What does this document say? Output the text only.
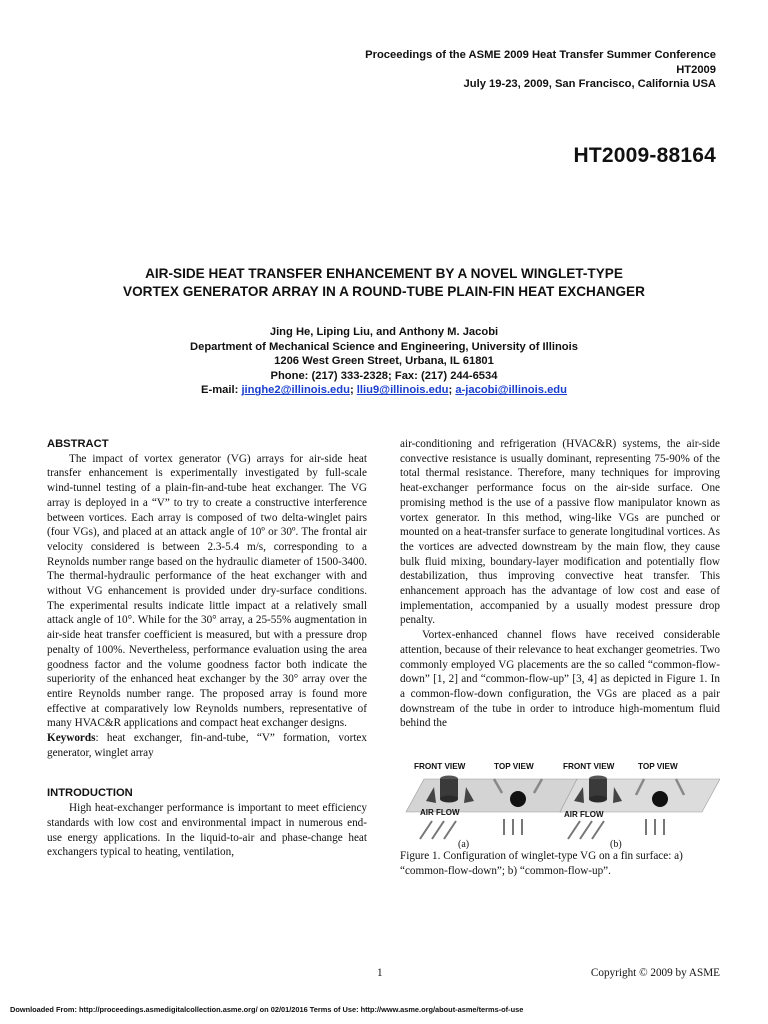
Proceedings of the ASME 2009 Heat Transfer Summer Conference
HT2009
July 19-23, 2009, San Francisco, California USA
HT2009-88164
AIR-SIDE HEAT TRANSFER ENHANCEMENT BY A NOVEL WINGLET-TYPE
VORTEX GENERATOR ARRAY IN A ROUND-TUBE PLAIN-FIN HEAT EXCHANGER
Jing He, Liping Liu, and Anthony M. Jacobi
Department of Mechanical Science and Engineering, University of Illinois
1206 West Green Street, Urbana, IL 61801
Phone: (217) 333-2328; Fax: (217) 244-6534
E-mail: jinghe2@illinois.edu; lliu9@illinois.edu; a-jacobi@illinois.edu
ABSTRACT

The impact of vortex generator (VG) arrays for air-side heat transfer enhancement is experimentally investigated by full-scale wind-tunnel testing of a plain-fin-and-tube heat exchanger. The VG array is deployed in a “V” to try to create a constructive interference between vortices. Each array is composed of two delta-winglet pairs (four VGs), and placed at an attack angle of 10º or 30º. The frontal air velocity considered is between 2.3-5.4 m/s, corresponding to a Reynolds number range based on the hydraulic diameter of 1500-3400. The thermal-hydraulic performance of the heat exchanger with and without VG enhancement is provided under dry-surface conditions. The experimental results indicate little impact at a relatively small attack angle of 10°. While for the 30° array, a 25-55% augmentation in air-side heat transfer coefficient is measured, but with a pressure drop penalty of 100%. Nevertheless, performance evaluation using the area goodness factor and the volume goodness factor both indicate the superiority of the enhanced heat exchanger by the 30° array over the entire Reynolds number range. The proposed array is found more effective at comparatively low Reynolds numbers, representative of many HVAC&R applications and compact heat exchanger designs.

Keywords: heat exchanger, fin-and-tube, “V” formation, vortex generator, winglet array

INTRODUCTION

High heat-exchanger performance is important to meet efficiency standards with low cost and environmental impact in numerous end-use energy applications. In the liquid-to-air and phase-change heat exchangers typical to heating, ventilation,

air-conditioning and refrigeration (HVAC&R) systems, the air-side convective resistance is usually dominant, representing 75-90% of the total thermal resistance. Therefore, many techniques for improving heat-exchanger performance focus on the air-side surface. One promising method is the use of a passive flow manipulator known as vortex generator. In this method, wing-like VGs are punched or mounted on a heat-transfer surface to generate longitudinal vortices. As the vortices are advected downstream by the main flow, they cause bulk fluid mixing, boundary-layer modification and potentially flow destabilization, thus improving convective heat transfer. This enhancement approach has the advantage of low cost and ease of implementation, accompanied by a usually modest pressure drop penalty.

Vortex-enhanced channel flows have received considerable attention, because of their relevance to heat exchanger geometries. Two commonly employed VG placements are the so called “common-flow-down” [1, 2] and “common-flow-up” [3, 4] as depicted in Figure 1. In a common-flow-down configuration, the VGs are placed as a pair downstream of the tube in order to introduce high-momentum fluid behind the

FRONT VIEW	TOP VIEW	FRONT VIEW	TOP VIEW
AIR FLOW
(a)
AIR FLOW
(b)
Figure 1. Configuration of winglet-type VG on a fin surface: a) “common-flow-down”; b) “common-flow-up”.
1	Copyright © 2009 by ASME
Downloaded From: http://proceedings.asmedigitalcollection.asme.org/ on 02/01/2016 Terms of Use: http://www.asme.org/about-asme/terms-of-use
